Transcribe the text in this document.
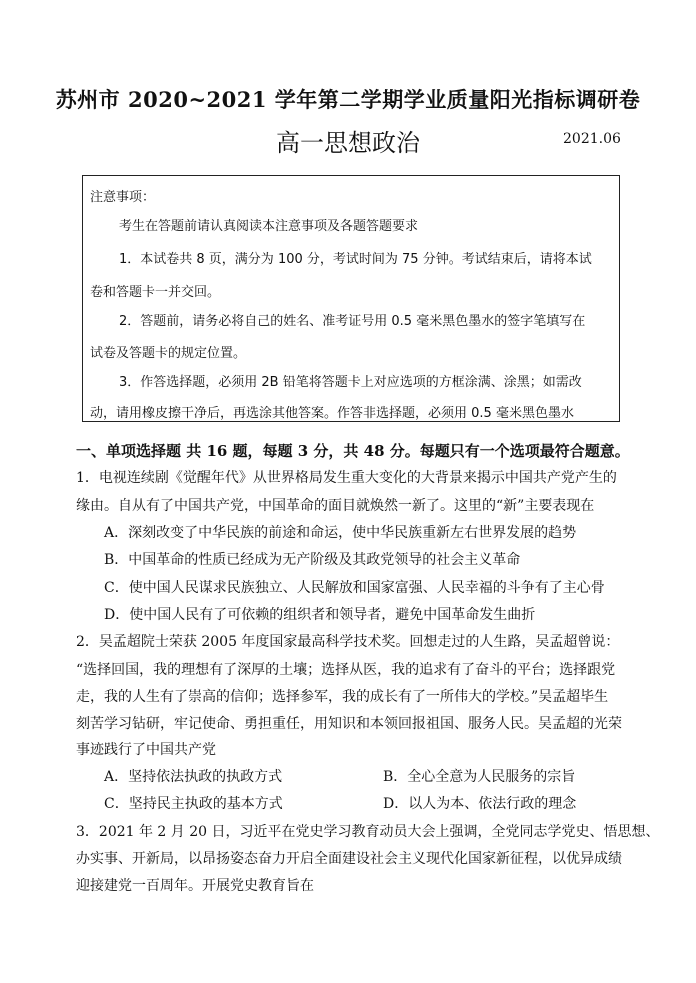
苏州市 2020~2021 学年第二学期学业质量阳光指标调研卷
高一思想政治	2021.06
注意事项：
考生在答题前请认真阅读本注意事项及各题答题要求
1．本试卷共 8 页，满分为 100 分，考试时间为 75 分钟。考试结束后，请将本试
卷和答题卡一并交回。
2．答题前，请务必将自己的姓名、准考证号用 0.5 毫米黑色墨水的签字笔填写在
试卷及答题卡的规定位置。
3．作答选择题，必须用 2B 铅笔将答题卡上对应选项的方框涂满、涂黑；如需改
动，请用橡皮擦干净后，再选涂其他答案。作答非选择题，必须用 0.5 毫米黑色墨水
一、单项选择题 共 16 题，每题 3 分，共 48 分。每题只有一个选项最符合题意。
1．电视连续剧《觉醒年代》从世界格局发生重大变化的大背景来揭示中国共产党产生的
缘由。自从有了中国共产党，中国革命的面目就焕然一新了。这里的“新”主要表现在
A．深刻改变了中华民族的前途和命运，使中华民族重新左右世界发展的趋势
B．中国革命的性质已经成为无产阶级及其政党领导的社会主义革命
C．使中国人民谋求民族独立、人民解放和国家富强、人民幸福的斗争有了主心骨
D．使中国人民有了可依赖的组织者和领导者，避免中国革命发生曲折
2．吴孟超院士荣获 2005 年度国家最高科学技术奖。回想走过的人生路，吴孟超曾说：
“选择回国，我的理想有了深厚的土壤；选择从医，我的追求有了奋斗的平台；选择跟党
走，我的人生有了崇高的信仰；选择参军，我的成长有了一所伟大的学校。”吴孟超毕生
刻苦学习钻研，牢记使命、勇担重任，用知识和本领回报祖国、服务人民。吴孟超的光荣
事迹践行了中国共产党
A．坚持依法执政的执政方式	B．全心全意为人民服务的宗旨
C．坚持民主执政的基本方式	D．以人为本、依法行政的理念
3．2021 年 2 月 20 日，习近平在党史学习教育动员大会上强调，全党同志学党史、悟思想、
办实事、开新局，以昂扬姿态奋力开启全面建设社会主义现代化国家新征程，以优异成绩
迎接建党一百周年。开展党史教育旨在
